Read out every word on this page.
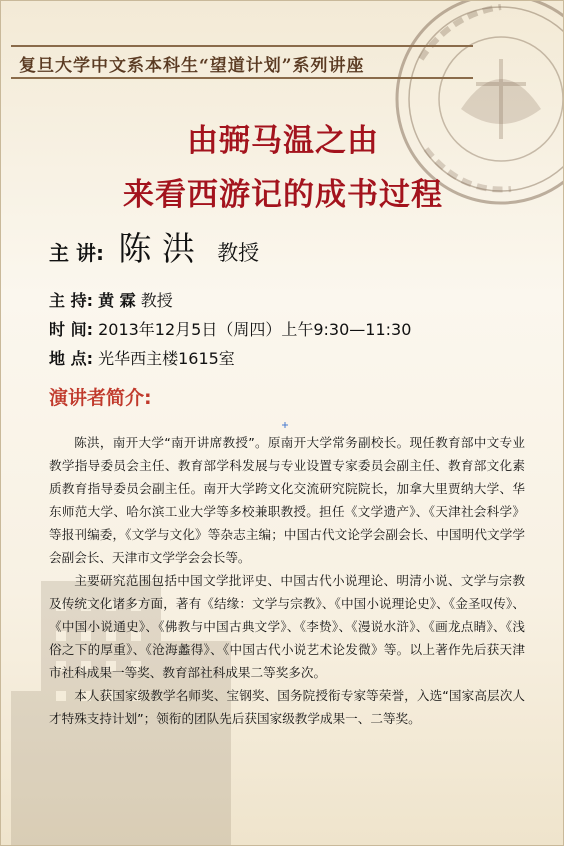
复旦大学中文系本科生“望道计划”系列讲座
由弼马温之由
来看西游记的成书过程
主 讲: 陈 洪 教授
主 持: 黄 霖 教授
时 间: 2013年12月5日（周四）上午9:30—11:30
地 点: 光华西主楼1615室
演讲者简介:

陈洪，南开大学“南开讲席教授”。原南开大学常务副校长。现任教育部中文专业教学指导委员会主任、教育部学科发展与专业设置专家委员会副主任、教育部文化素质教育指导委员会副主任。南开大学跨文化交流研究院院长，加拿大里贾纳大学、华东师范大学、哈尔滨工业大学等多校兼职教授。担任《文学遗产》、《天津社会科学》等报刊编委，《文学与文化》等杂志主编；中国古代文论学会副会长、中国明代文学学会副会长、天津市文学学会会长等。

主要研究范围包括中国文学批评史、中国古代小说理论、明清小说、文学与宗教及传统文化诸多方面，著有《结缘：文学与宗教》、《中国小说理论史》、《金圣叹传》、《中国小说通史》、《佛教与中国古典文学》、《李贽》、《漫说水浒》、《画龙点睛》、《浅俗之下的厚重》、《沧海蠡得》、《中国古代小说艺术论发微》等。以上著作先后获天津市社科成果一等奖、教育部社科成果二等奖多次。

本人获国家级教学名师奖、宝钢奖、国务院授衔专家等荣誉，入选“国家高层次人才特殊支持计划”；领衔的团队先后获国家级教学成果一、二等奖。
